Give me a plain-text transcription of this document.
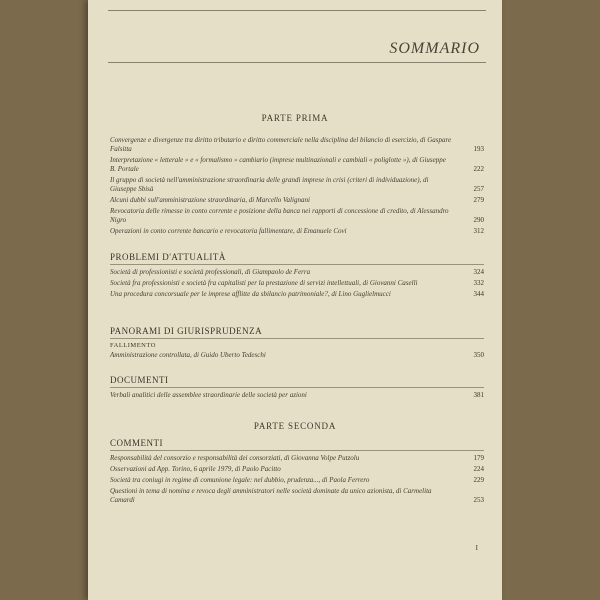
SOMMARIO
PARTE PRIMA
Convergenze e divergenze tra diritto tributario e diritto commerciale nella disciplina del bilancio di esercizio, di Gaspare Falsitta	193
Interpretazione « letterale » e « formalismo » cambiario (imprese multinazionali e cambiali « poliglotte »), di Giuseppe B. Portale	222
Il gruppo di società nell'amministrazione straordinaria delle grandi imprese in crisi (criteri di individuazione), di Giuseppe Sbisà	257
Alcuni dubbi sull'amministrazione straordinaria, di Marcello Valignani	279
Revocatoria delle rimesse in conto corrente e posizione della banca nei rapporti di concessione di credito, di Alessandro Nigro	290
Operazioni in conto corrente bancario e revocatoria fallimentare, di Emanuele Covi	312
PROBLEMI D'ATTUALITÀ
Società di professionisti e società professionali, di Giampaolo de Ferra	324
Società fra professionisti e società fra capitalisti per la prestazione di servizi intellettuali, di Giovanni Caselli	332
Una procedura concorsuale per le imprese afflitte da sbilancio patrimoniale?, di Lino Guglielmucci	344
PANORAMI DI GIURISPRUDENZA
FALLIMENTO
Amministrazione controllata, di Guido Uberto Tedeschi	350
DOCUMENTI
Verbali analitici delle assemblee straordinarie delle società per azioni	381
PARTE SECONDA
COMMENTI
Responsabilità del consorzio e responsabilità dei consorziati, di Giovanna Volpe Putzolu	179
Osservazioni ad App. Torino, 6 aprile 1979, di Paolo Pacitto	224
Società tra coniugi in regime di comunione legale: nel dubbio, prudenza..., di Paola Ferrero	229
Questioni in tema di nomina e revoca degli amministratori nelle società dominate da unico azionista, di Carmelita Camardi	253
I
